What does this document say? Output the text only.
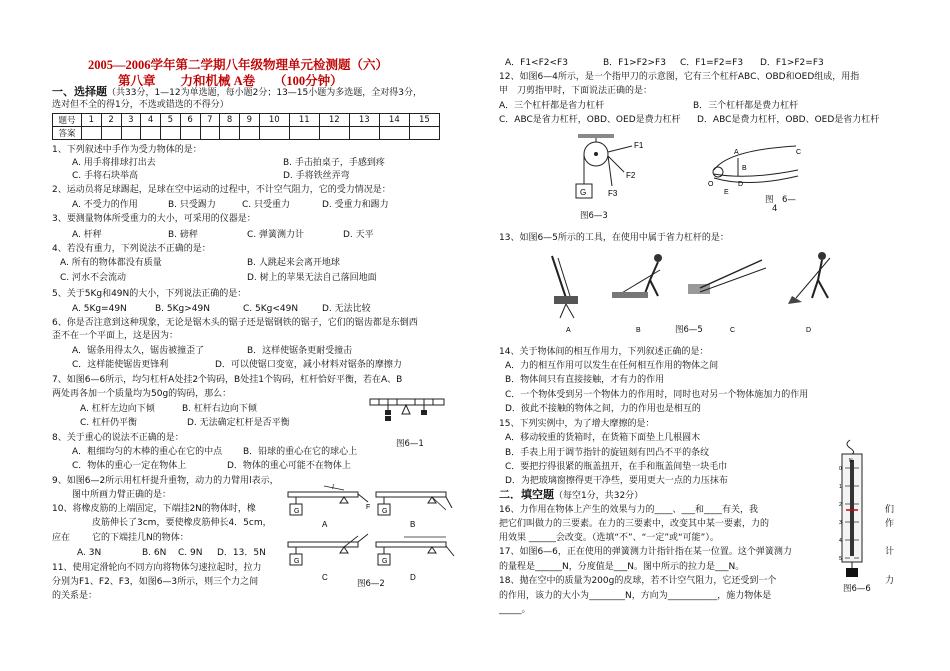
2005—2006学年第二学期八年级物理单元检测题（六）
第八章　　力和机械 A卷　　（100分钟）
一、选择题（共33分，1—12为单选题，每小题2分；13—15小题为多选题，全对得3分，
选对但不全的得1分，不选或错选的不得分）
题号	1	2	3	4	5	6	7	8	9	10	11	12	13	14	15
答案															
1、下列叙述中手作为受力物体的是：
A. 用手将排球打出去	B. 手击拍桌子，手感到疼
C. 手将石块举高	D. 手将铁丝弄弯
2、运动员将足球踢起，足球在空中运动的过程中，不计空气阻力，它的受力情况是：
A. 不受力的作用	B. 只受踢力	C. 只受重力	D. 受重力和踢力
3、要测量物体所受重力的大小，可采用的仪器是：
A. 杆秤	B. 磅秤	C. 弹簧测力计	D. 天平
4、若没有重力，下列说法不正确的是：
A. 所有的物体都没有质量	B. 人跳起来会离开地球
C. 河水不会流动	D. 树上的苹果无法自己落回地面
5、关于5Kg和49N的大小，下列说法正确的是：
A. 5Kg=49N	B. 5Kg>49N	C. 5Kg<49N	D. 无法比较
6、你是否注意到这种现象，无论是锯木头的锯子还是锯钢铁的锯子，它们的锯齿都是东倒西
歪不在一个平面上，这是因为：
A．锯条用得太久，锯齿被撞歪了	B．这样使锯条更耐受撞击
C．这样能使锯齿更锋利	D．可以使锯口变宽，减小材料对锯条的摩擦力
7、如图6—6所示，均匀杠杆A处挂2个钩码，B处挂1个钩码，杠杆恰好平衡，若在A、B
两处再各加一个质量均为50g的钩码，那么：
A. 杠杆左边向下倾	B. 杠杆右边向下倾
C. 杠杆仍平衡	D. 无法确定杠杆是否平衡
8、关于重心的说法不正确的是：
A．粗细均匀的木棒的重心在它的中点 B．铅球的重心在它的球心上
C．物体的重心一定在物体上	D．物体的重心可能不在物体上
9、如图6—2所示用杠杆提升重物，动力的力臂用l表示，
图中所画力臂正确的是：
10、将橡皮筋的上端固定，下端挂2N的物体时，橡
皮筋伸长了3cm，要使橡皮筋伸长4．5cm，
应在 它的下端挂几N的物体：
A. 3N	B. 6N C. 9N D．13．5N
11、使用定滑轮向不同方向将物体匀速拉起时，拉力
分别为F1、F2、F3，如图6—3所示，则三个力之间
的关系是：
图6—1
G
F
l
A
G
B
G
C
G
D
图6—2
A．F1<F2<F3	B．F1>F2>F3 C．F1=F2=F3 D．F1>F2=F3
12、如图6—4所示，是一个指甲刀的示意图，它有三个杠杆ABC、OBD和OED组成，用指
甲　刀剪指甲时，下面说法正确的是：
A．三个杠杆都是省力杠杆	B．三个杠杆都是费力杠杆
C．ABC是省力杠杆，OBD、OED是费力杠杆 D．ABC是费力杠杆，OBD、OED是省力杠杆
G
F1
F2
F3
图6—3
A
B
C
D
O
E
图　6—
4
13、如图6—5所示的工具，在使用中属于省力杠杆的是：
A	B	C	D
图6—5
14、关于物体间的相互作用力，下列叙述正确的是：
A．力的相互作用可以发生在任何相互作用的物体之间
B．物体间只有直接接触，才有力的作用
C．一个物体受到另一个物体力的作用时，同时也对另一个物体施加力的作用
D．彼此不接触的物体之间，力的作用也是相互的
15、下列实例中，为了增大摩擦的是：
A．移动较重的货箱时，在货箱下面垫上几根圆木
B．手表上用于调节指针的旋钮刻有凹凸不平的条纹
C．要把拧得很紧的瓶盖扭开，在手和瓶盖间垫一块毛巾
D．为把玻璃窗擦得更干净些，要用更大一点的力压抹布
二．填空题（每空1分，共32分）
16、力作用在物体上产生的效果与力的____、___和____有关，我	们
把它们叫做力的三要素。在力的三要素中，改变其中某一要素，力的	作
用效果 ______会改变。（选填“不”、“一定”或“可能”）。
17、如图6—6，正在使用的弹簧测力计指针指在某一位置。这个弹簧测力	计
的量程是______N，分度值是___N。图中所示的拉力是___N。
18、抛在空中的质量为200g的皮球，若不计空气阻力，它还受到一个	力
的作用，该力的大小为________N，方向为___________，施力物体是
_____。
N
0
1
2
3
4
5
图6—6
